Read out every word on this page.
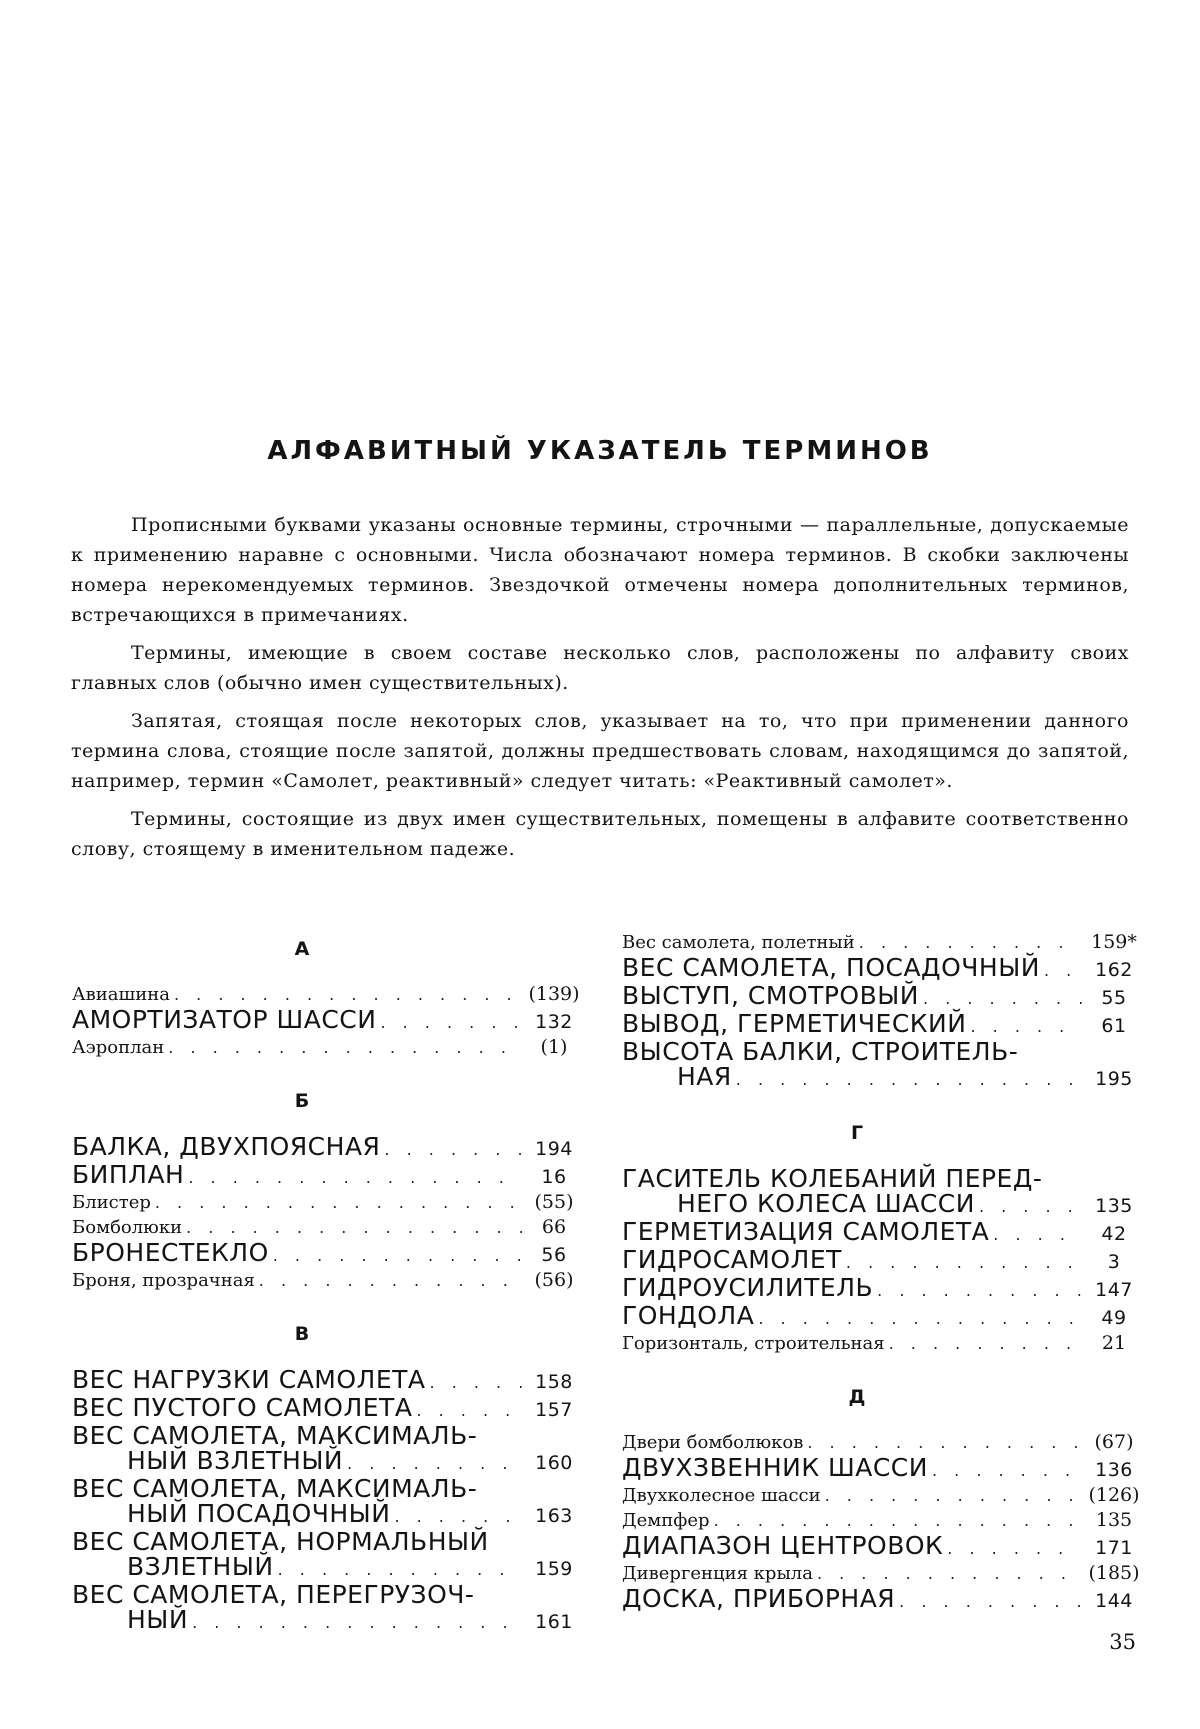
АЛФАВИТНЫЙ УКАЗАТЕЛЬ ТЕРМИНОВ

Прописными буквами указаны основные термины, строчными — параллельные, допускаемые к применению наравне с основными. Числа обозначают номера терминов. В скобки заключены номера нерекомендуемых терминов. Звездочкой отмечены номера дополнительных терминов, встречающихся в примечаниях.

Термины, имеющие в своем составе несколько слов, расположены по алфавиту своих главных слов (обычно имен существительных).

Запятая, стоящая после некоторых слов, указывает на то, что при применении данного термина слова, стоящие после запятой, должны предшествовать словам, находящимся до запятой, например, термин «Самолет, реактивный» следует читать: «Реактивный самолет».

Термины, состоящие из двух имен существительных, помещены в алфавите соответственно слову, стоящему в именительном падеже.

А
Авиашина . . . . . . . . . . . . . . . . (139)
АМОРТИЗАТОР ШАССИ . . . . . .	132
Аэроплан . . . . . . . . . . . . . . . .	(1)
Б
БАЛКА, ДВУХПОЯСНАЯ . . . . . .	194
БИПЛАН . . . . . . . . . . . . . . .	16
Блистер . . . . . . . . . . . . . . . . . (55)
Бомболюки . . . . . . . . . . . . . . .	66
БРОНЕСТЕКЛО . . . . . . . . . . .	56
Броня, прозрачная . . . . . . . . . . . .	(56)
В
ВЕС НАГРУЗКИ САМОЛЕТА . . . .	158
ВЕС ПУСТОГО САМОЛЕТА . . . . . 157
ВЕС САМОЛЕТА, МАКСИМАЛЬ-
НЫЙ ВЗЛЕТНЫЙ . . . . . . . .	160
ВЕС САМОЛЕТА, МАКСИМАЛЬ-
НЫЙ ПОСАДОЧНЫЙ . . . . . . 163
ВЕС САМОЛЕТА, НОРМАЛЬНЫЙ
ВЗЛЕТНЫЙ . . . . . . . . . . .	159
ВЕС САМОЛЕТА, ПЕРЕГРУЗОЧ-
НЫЙ . . . . . . . . . . . . . . .	161
Вес самолета, полетный . . . . . . . . . .	159*
ВЕС САМОЛЕТА, ПОСАДОЧНЫЙ . . 162
ВЫСТУП, СМОТРОВЫЙ . . . . . . .	55
ВЫВОД, ГЕРМЕТИЧЕСКИЙ . . . . .	61
ВЫСОТА БАЛКИ, СТРОИТЕЛЬ-
НАЯ . . . . . . . . . . . . . . . . 195
Г
ГАСИТЕЛЬ КОЛЕБАНИЙ ПЕРЕД-
НЕГО КОЛЕСА ШАССИ . . . . . 135
ГЕРМЕТИЗАЦИЯ САМОЛЕТА . . . .	42
ГИДРОСАМОЛЕТ . . . . . . . . . . .	3
ГИДРОУСИЛИТЕЛЬ . . . . . . . . .	147
ГОНДОЛА . . . . . . . . . . . . . . .	49
Горизонталь, строительная . . . . . . . . .	21
Д
Двери бомболюков . . . . . . . . . . . .	(67)
ДВУХЗВЕННИК ШАССИ . . . . . . .	136
Двухколесное шасси . . . . . . . . . . . . (126)
Демпфер . . . . . . . . . . . . . . . . . 135
ДИАПАЗОН ЦЕНТРОВОК . . . . . .	171
Дивергенция крыла . . . . . . . . . . . . (185)
ДОСКА, ПРИБОРНАЯ . . . . . . . .	144
35
